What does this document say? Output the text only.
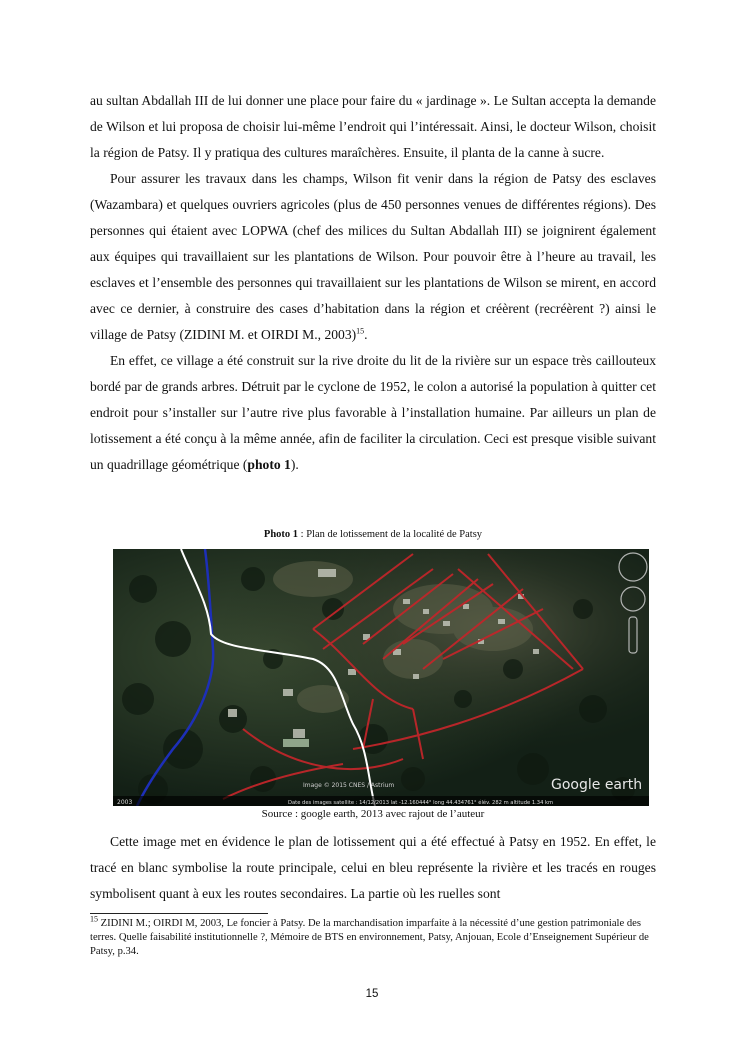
au sultan Abdallah III de lui donner une place pour faire du « jardinage ». Le Sultan accepta la demande de Wilson et lui proposa de choisir lui-même l’endroit qui l’intéressait. Ainsi, le docteur Wilson, choisit la région de Patsy. Il y pratiqua des cultures maraîchères. Ensuite, il planta de la canne à sucre.

Pour assurer les travaux dans les champs, Wilson fit venir dans la région de Patsy des esclaves (Wazambara) et quelques ouvriers agricoles (plus de 450 personnes venues de différentes régions). Des personnes qui étaient avec LOPWA (chef des milices du Sultan Abdallah III) se joignirent également aux équipes qui travaillaient sur les plantations de Wilson. Pour pouvoir être à l’heure au travail, les esclaves et l’ensemble des personnes qui travaillaient sur les plantations de Wilson se mirent, en accord avec ce dernier, à construire des cases d’habitation dans la région et créèrent (recréèrent ?) ainsi le village de Patsy (ZIDINI M. et OIRDI M., 2003)$^{15}$.

En effet, ce village a été construit sur la rive droite du lit de la rivière sur un espace très caillouteux bordé par de grands arbres. Détruit par le cyclone de 1952, le colon a autorisé la population à quitter cet endroit pour s’installer sur l’autre rive plus favorable à l’installation humaine. Par ailleurs un plan de lotissement a été conçu à la même année, afin de faciliter la circulation. Ceci est presque visible suivant un quadrillage géométrique (photo 1).

Photo 1 : Plan de lotissement de la localité de Patsy
2003	Date des images satellite : 14/12/2013 lat -12.160444° long 44.434761° élév. 282 m altitude 1.34 km
Image © 2015 CNES / Astrium	Google earth
Source : google earth, 2013 avec rajout de l’auteur

Cette image met en évidence le plan de lotissement qui a été effectué à Patsy en 1952. En effet, le tracé en blanc symbolise la route principale, celui en bleu représente la rivière et les tracés en rouges symbolisent quant à eux les routes secondaires. La partie où les ruelles sont

$^{15}$ ZIDINI M.; OIRDI M, 2003, Le foncier à Patsy. De la marchandisation imparfaite à la nécessité d’une gestion patrimoniale des terres. Quelle faisabilité institutionnelle ?, Mémoire de BTS en environnement, Patsy, Anjouan, Ecole d’Enseignement Supérieur de Patsy, p.34.
15
